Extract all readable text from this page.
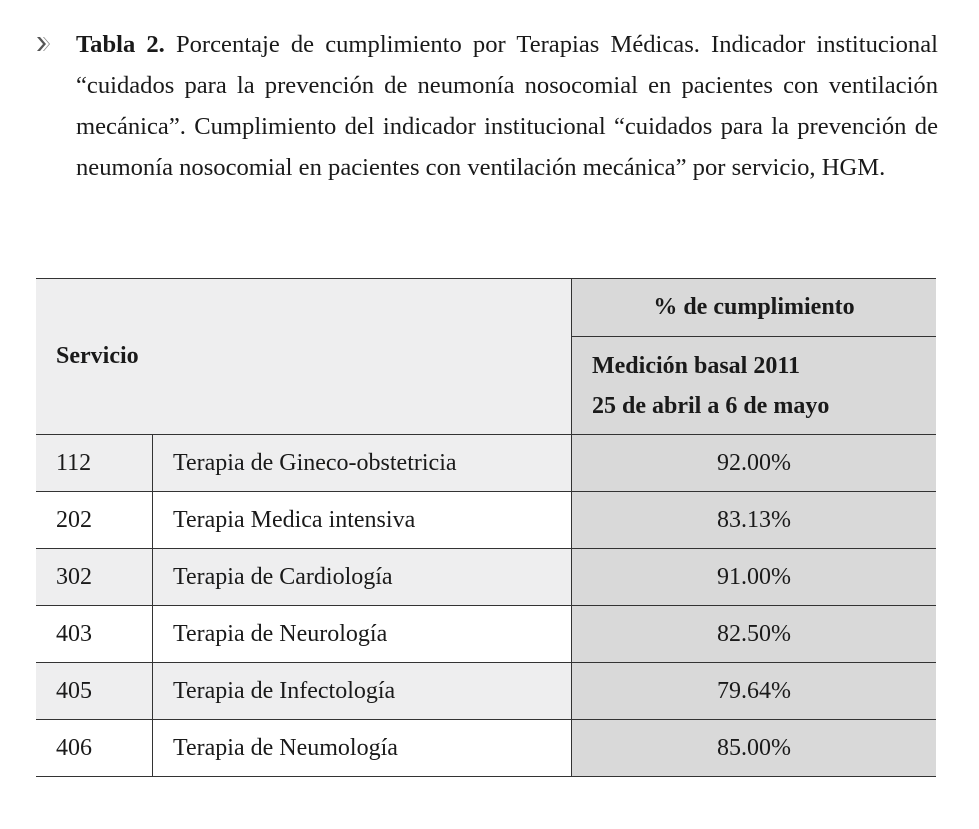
Tabla 2. Porcentaje de cumplimiento por Terapias Médicas. Indicador institucional “cuidados para la prevención de neumonía nosocomial en pacientes con ventilación mecánica”. Cumplimiento del indicador institucional “cuidados para la prevención de neumonía nosocomial en pacientes con ventilación mecánica” por servicio, HGM.
Servicio		% de cumplimiento
		Medición basal 2011
25 de abril a 6 de mayo
112	Terapia de Gineco-obstetricia	92.00%
202	Terapia Medica intensiva	83.13%
302	Terapia de Cardiología	91.00%
403	Terapia de Neurología	82.50%
405	Terapia de Infectología	79.64%
406	Terapia de Neumología	85.00%
